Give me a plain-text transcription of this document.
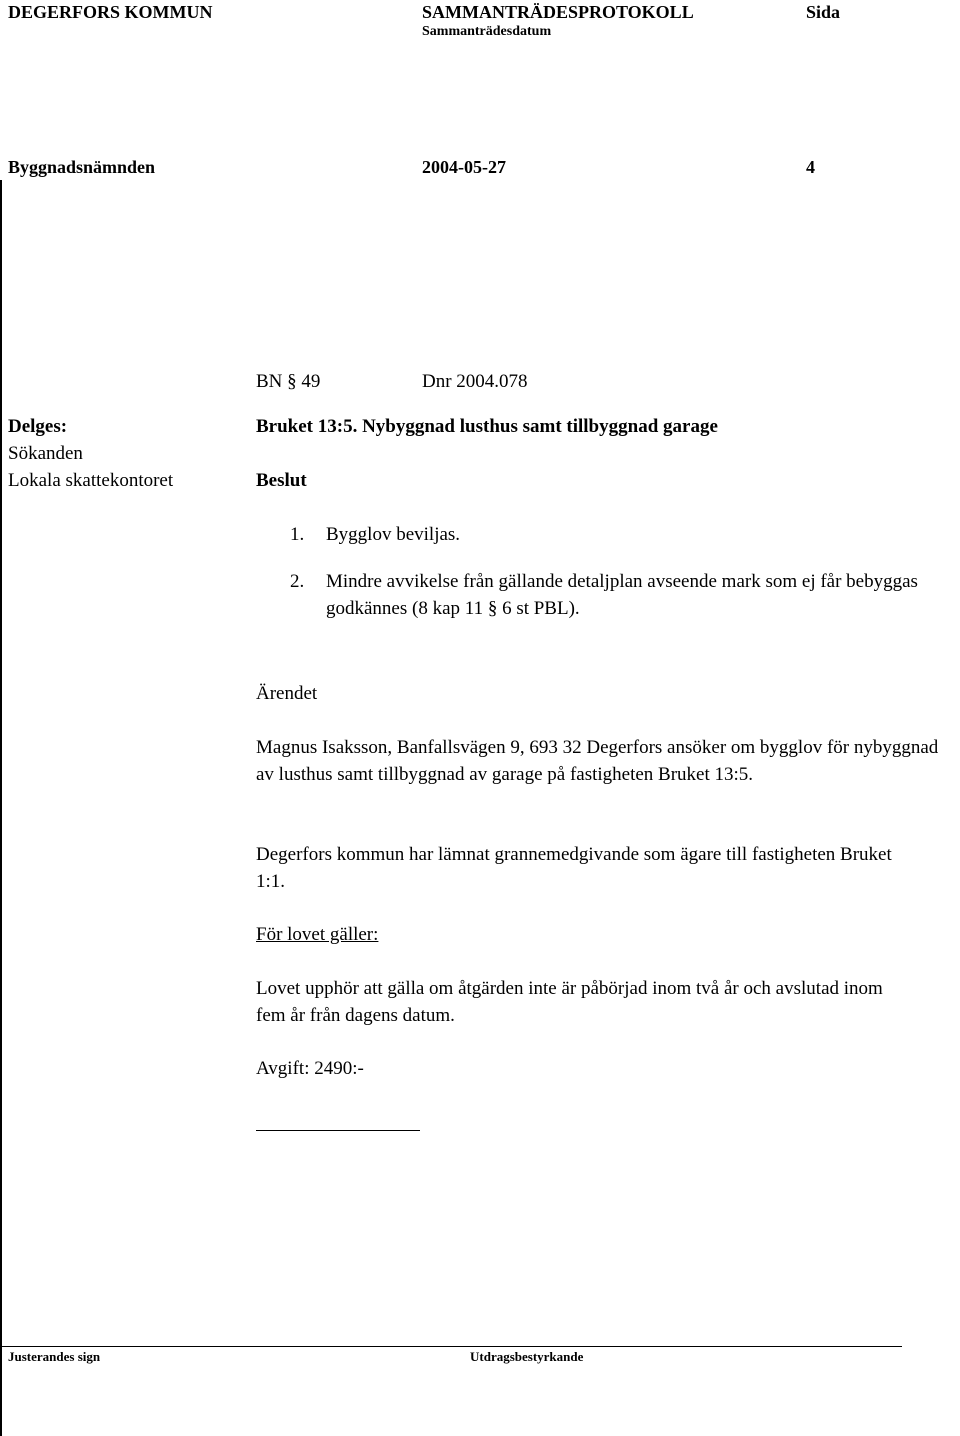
DEGERFORS KOMMUN	SAMMANTRÄDESPROTOKOLL	Sida
Sammanträdesdatum
Byggnadsnämnden	2004-05-27	4
BN § 49	Dnr 2004.078
Delges:
Sökanden
Lokala skattekontoret
Bruket 13:5. Nybyggnad lusthus samt tillbyggnad garage
Beslut
1. Bygglov beviljas.
2. Mindre avvikelse från gällande detaljplan avseende mark som ej får bebyggas godkännes (8 kap 11 § 6 st PBL).
Ärendet
Magnus Isaksson, Banfallsvägen 9, 693 32 Degerfors ansöker om bygglov för nybyggnad av lusthus samt tillbyggnad av garage på fastigheten Bruket 13:5.
Degerfors kommun har lämnat grannemedgivande som ägare till fastigheten Bruket 1:1.
För lovet gäller:
Lovet upphör att gälla om åtgärden inte är påbörjad inom två år och avslutad inom fem år från dagens datum.
Avgift: 2490:-
Justerandes sign	Utdragsbestyrkande
